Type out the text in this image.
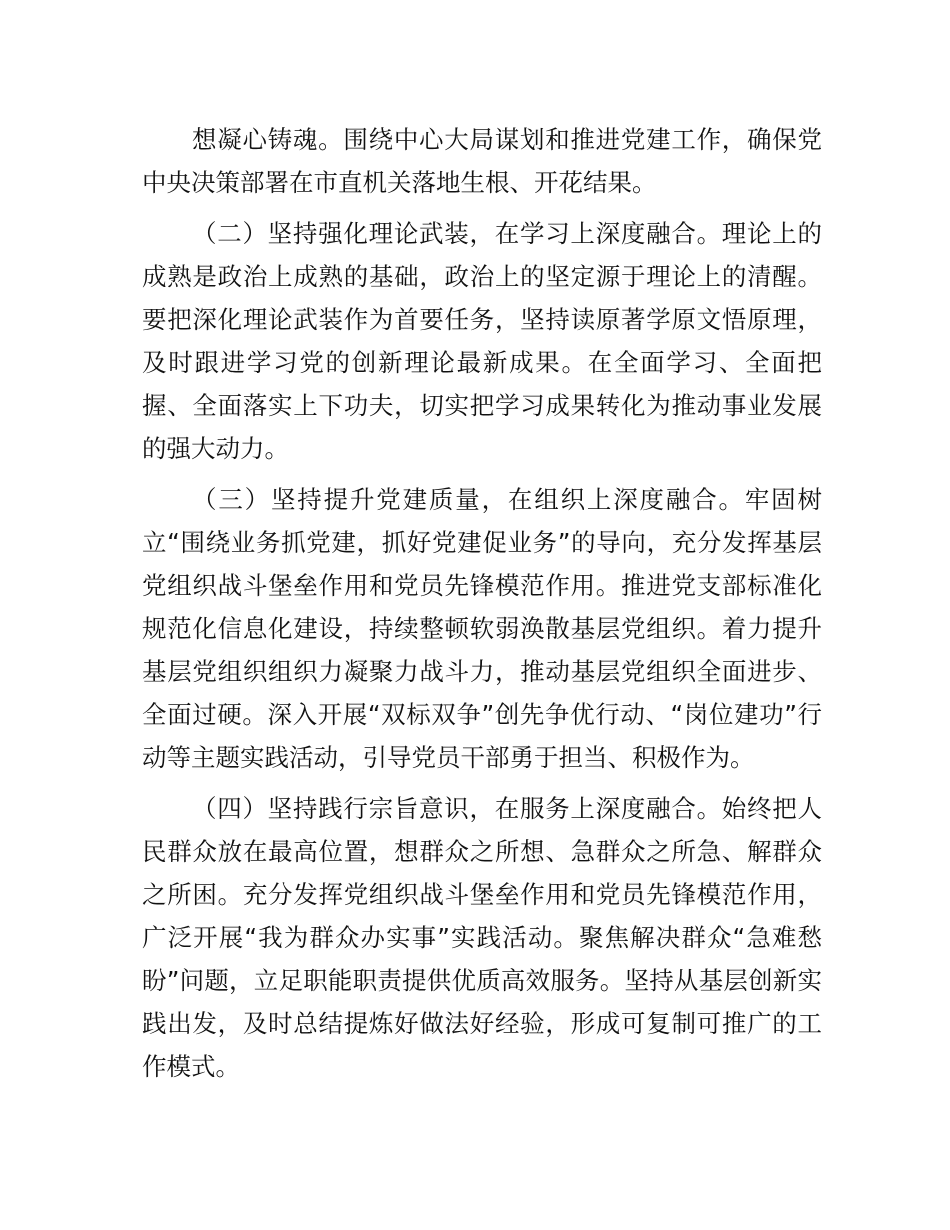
想凝心铸魂。围绕中心大局谋划和推进党建工作，确保党中央决策部署在市直机关落地生根、开花结果。

（二）坚持强化理论武装，在学习上深度融合。理论上的成熟是政治上成熟的基础，政治上的坚定源于理论上的清醒。要把深化理论武装作为首要任务，坚持读原著学原文悟原理，及时跟进学习党的创新理论最新成果。在全面学习、全面把握、全面落实上下功夫，切实把学习成果转化为推动事业发展的强大动力。

（三）坚持提升党建质量，在组织上深度融合。牢固树立“围绕业务抓党建，抓好党建促业务”的导向，充分发挥基层党组织战斗堡垒作用和党员先锋模范作用。推进党支部标准化规范化信息化建设，持续整顿软弱涣散基层党组织。着力提升基层党组织组织力凝聚力战斗力，推动基层党组织全面进步、全面过硬。深入开展“双标双争”创先争优行动、“岗位建功”行动等主题实践活动，引导党员干部勇于担当、积极作为。

（四）坚持践行宗旨意识，在服务上深度融合。始终把人民群众放在最高位置，想群众之所想、急群众之所急、解群众之所困。充分发挥党组织战斗堡垒作用和党员先锋模范作用，广泛开展“我为群众办实事”实践活动。聚焦解决群众“急难愁盼”问题，立足职能职责提供优质高效服务。坚持从基层创新实践出发，及时总结提炼好做法好经验，形成可复制可推广的工作模式。
